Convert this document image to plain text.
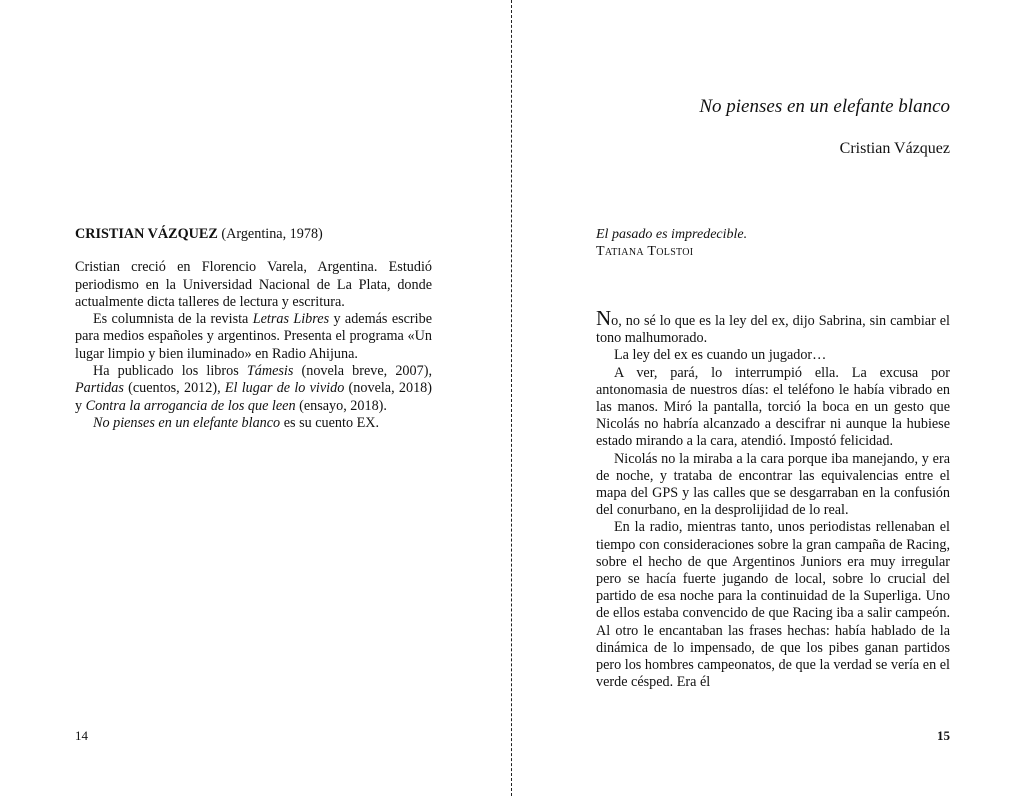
CRISTIAN VÁZQUEZ (Argentina, 1978)

Cristian creció en Florencio Varela, Argentina. Estudió periodismo en la Universidad Nacional de La Plata, donde actualmente dicta talleres de lectura y escritura.

Es columnista de la revista Letras Libres y además escribe para medios españoles y argentinos. Presenta el programa «Un lugar limpio y bien iluminado» en Radio Ahijuna.

Ha publicado los libros Támesis (novela breve, 2007), Partidas (cuentos, 2012), El lugar de lo vivido (novela, 2018) y Contra la arrogancia de los que leen (ensayo, 2018).

No pienses en un elefante blanco es su cuento EX.

14
No pienses en un elefante blanco
Cristian Vázquez
El pasado es impredecible.
Tatiana Tolstoi

No, no sé lo que es la ley del ex, dijo Sabrina, sin cambiar el tono malhumorado.

La ley del ex es cuando un jugador…

A ver, pará, lo interrumpió ella. La excusa por antonomasia de nuestros días: el teléfono le había vibrado en las manos. Miró la pantalla, torció la boca en un gesto que Nicolás no habría alcanzado a descifrar ni aunque la hubiese estado mirando a la cara, atendió. Impostó felicidad.

Nicolás no la miraba a la cara porque iba manejando, y era de noche, y trataba de encontrar las equivalencias entre el mapa del GPS y las calles que se desgarraban en la confusión del conurbano, en la desprolijidad de lo real.

En la radio, mientras tanto, unos periodistas rellenaban el tiempo con consideraciones sobre la gran campaña de Racing, sobre el hecho de que Argentinos Juniors era muy irregular pero se hacía fuerte jugando de local, sobre lo crucial del partido de esa noche para la continuidad de la Superliga. Uno de ellos estaba convencido de que Racing iba a salir campeón. Al otro le encantaban las frases hechas: había hablado de la dinámica de lo impensado, de que los pibes ganan partidos pero los hombres campeonatos, de que la verdad se vería en el verde césped. Era él

15
